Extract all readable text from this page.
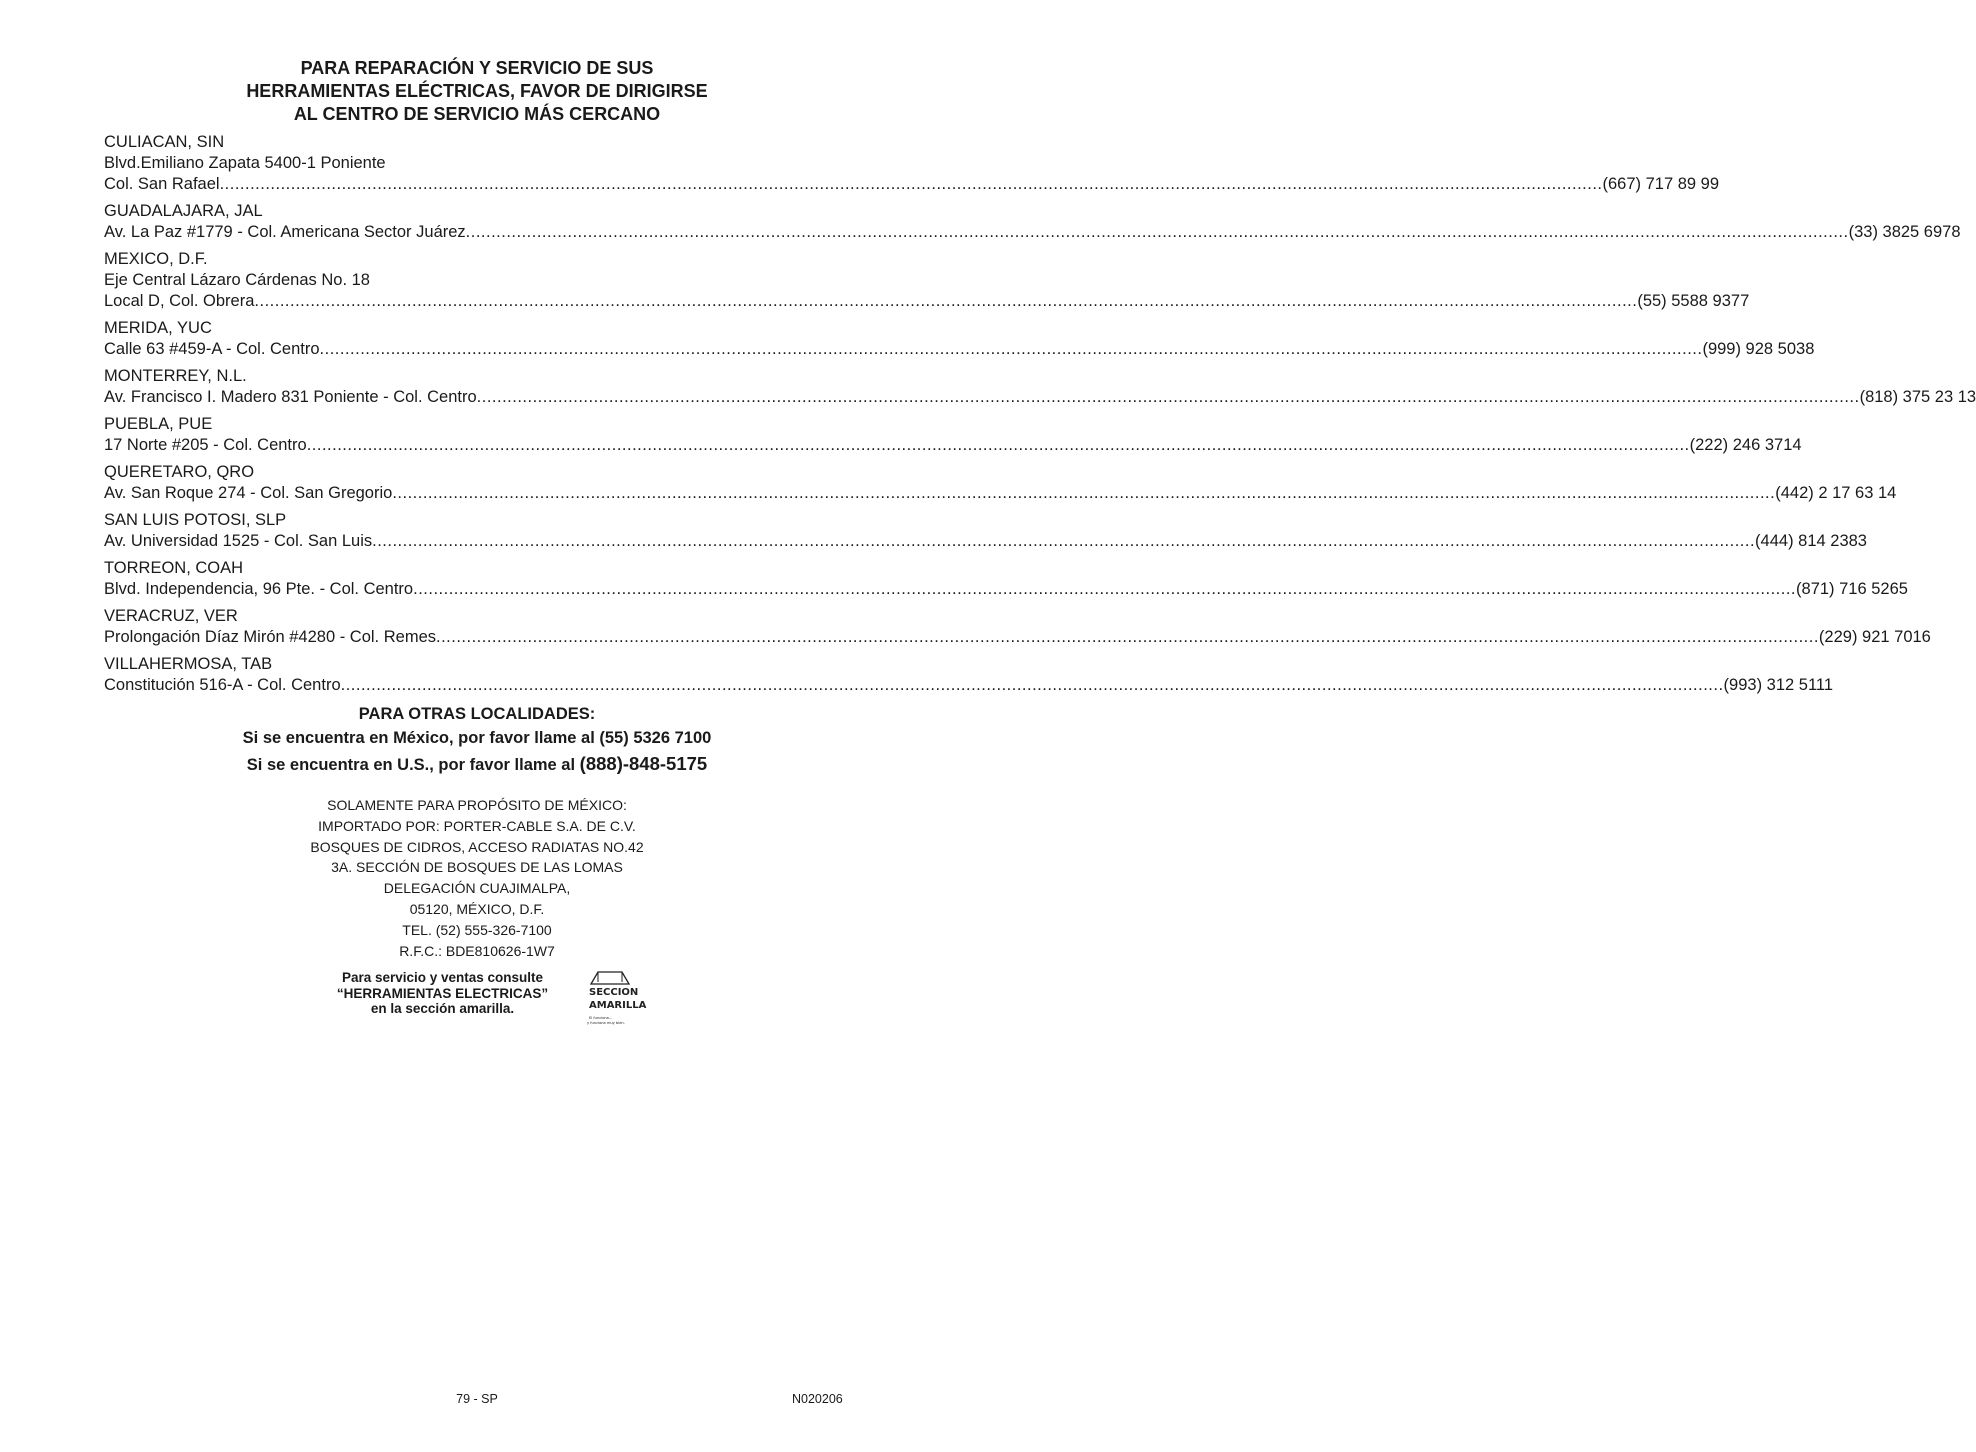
PARA REPARACIÓN Y SERVICIO DE SUS
HERRAMIENTAS ELÉCTRICAS, FAVOR DE DIRIGIRSE
AL CENTRO DE SERVICIO MÁS CERCANO
CULIACAN, SIN
Blvd.Emiliano Zapata 5400-1 Poniente
Col. San Rafael .....	(667) 717 89 99
GUADALAJARA, JAL
Av. La Paz #1779 - Col. Americana Sector Juárez .....	(33) 3825 6978
MEXICO, D.F.
Eje Central Lázaro Cárdenas No. 18
Local D, Col. Obrera .....	(55) 5588 9377
MERIDA, YUC
Calle 63 #459-A - Col. Centro .....	(999) 928 5038
MONTERREY, N.L.
Av. Francisco I. Madero 831 Poniente - Col. Centro .....	(818) 375 23 13
PUEBLA, PUE
17 Norte #205 - Col. Centro .....	(222) 246 3714
QUERETARO, QRO
Av. San Roque 274 - Col. San Gregorio .....	(442) 2 17 63 14
SAN LUIS POTOSI, SLP
Av. Universidad 1525 - Col. San Luis .....	(444) 814 2383
TORREON, COAH
Blvd. Independencia, 96 Pte. - Col. Centro .....	(871) 716 5265
VERACRUZ, VER
Prolongación Díaz Mirón #4280 - Col. Remes .....	(229) 921 7016
VILLAHERMOSA, TAB
Constitución 516-A - Col. Centro .....	(993) 312 5111
PARA OTRAS LOCALIDADES:
Si se encuentra en México, por favor llame al (55) 5326 7100
Si se encuentra en U.S., por favor llame al (888)-848-5175
SOLAMENTE PARA PROPÓSITO DE MÉXICO:
IMPORTADO POR: PORTER-CABLE S.A. DE C.V.
BOSQUES DE CIDROS, ACCESO RADIATAS NO.42
3A. SECCIÓN DE BOSQUES DE LAS LOMAS
DELEGACIÓN CUAJIMALPA,
05120, MÉXICO, D.F.
TEL. (52) 555-326-7100
R.F.C.: BDE810626-1W7
Para servicio y ventas consulte
“HERRAMIENTAS ELECTRICAS”
en la sección amarilla.
SECCION
AMARILLA
El funciona...
y funciona muy bien.
79 - SP	N020206
